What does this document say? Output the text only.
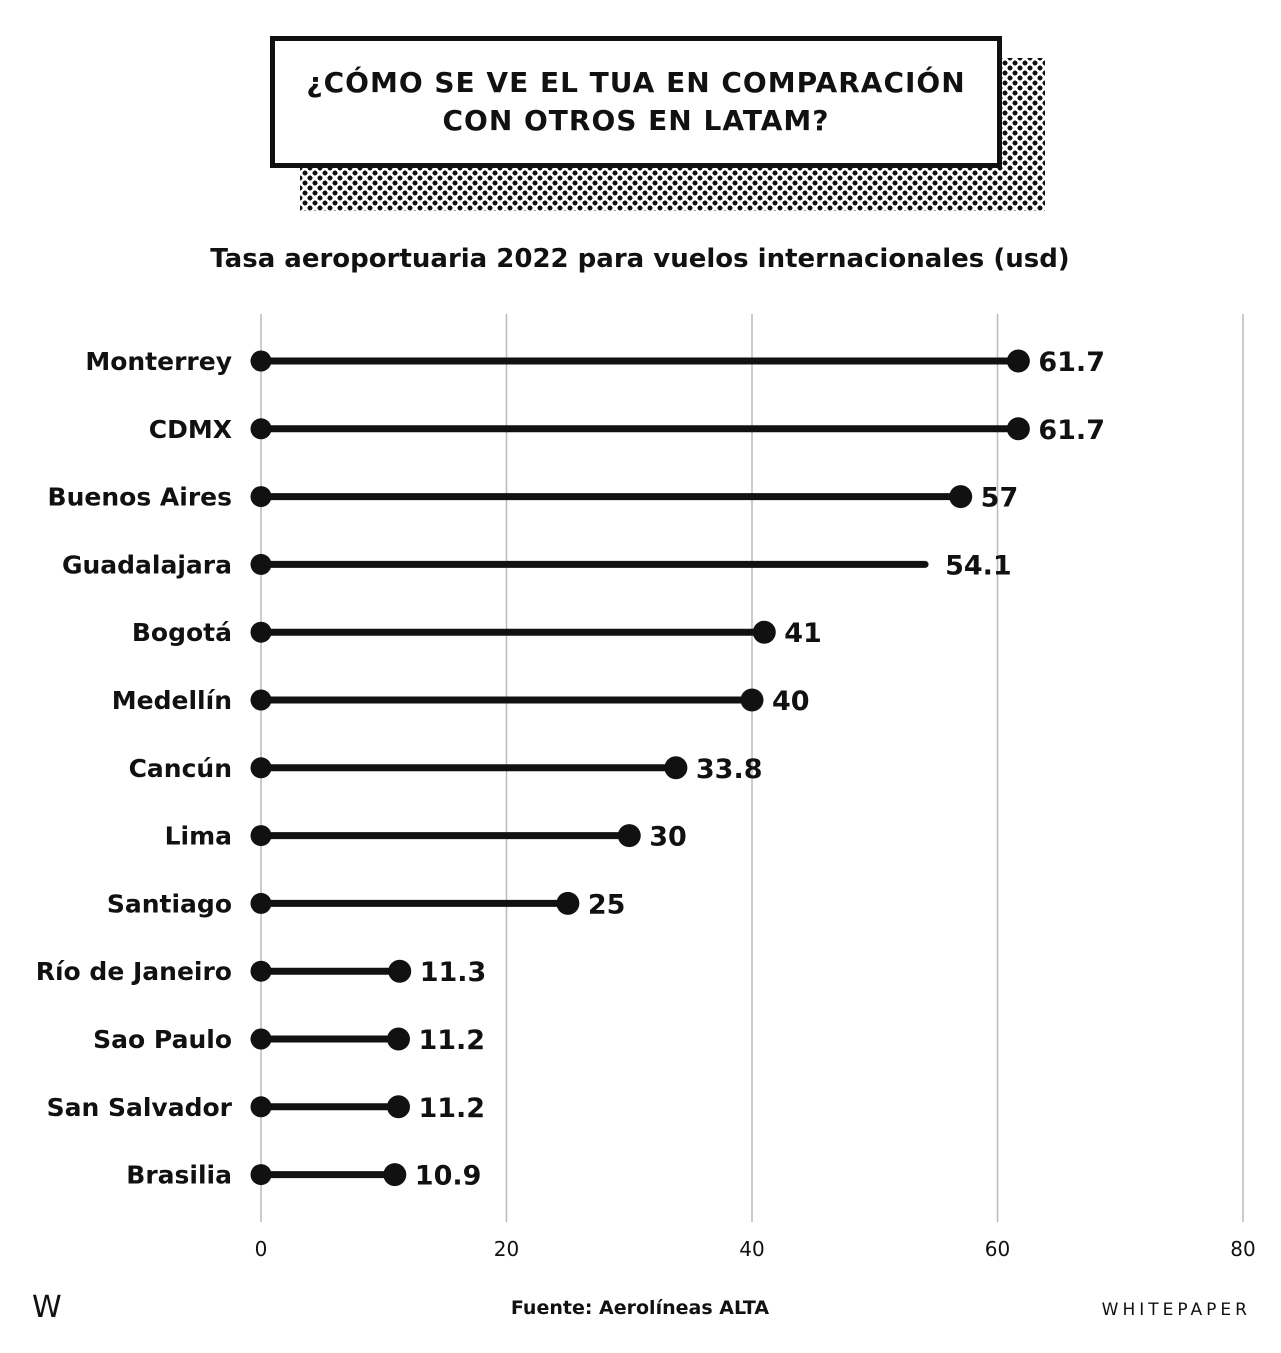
¿CÓMO SE VE EL TUA EN COMPARACIÓN CON OTROS EN LATAM?
Tasa aeroportuaria 2022 para vuelos internacionales (usd)
0	20	40	60	80
Monterrey	61.7
CDMX	61.7
Buenos Aires	57
Guadalajara	54.1
Bogotá	41
Medellín	40
Cancún	33.8
Lima	30
Santiago	25
Río de Janeiro	11.3
Sao Paulo	11.2
San Salvador	11.2
Brasilia	10.9
W	Fuente: Aerolíneas ALTA	WHITEPAPER
